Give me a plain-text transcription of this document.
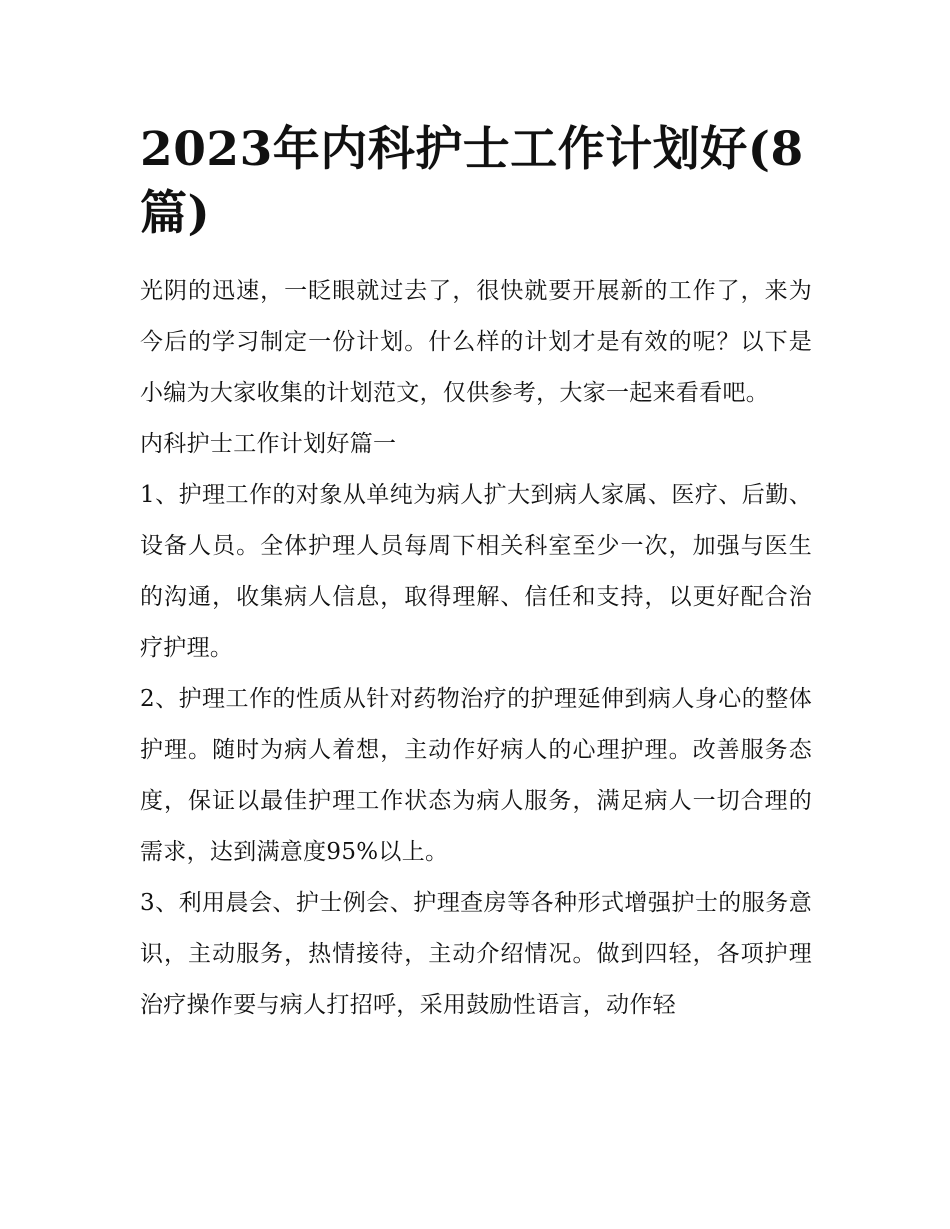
2023年内科护士工作计划好(8篇)

光阴的迅速，一眨眼就过去了，很快就要开展新的工作了，来为今后的学习制定一份计划。什么样的计划才是有效的呢？以下是小编为大家收集的计划范文，仅供参考，大家一起来看看吧。

内科护士工作计划好篇一

1、护理工作的对象从单纯为病人扩大到病人家属、医疗、后勤、设备人员。全体护理人员每周下相关科室至少一次，加强与医生的沟通，收集病人信息，取得理解、信任和支持，以更好配合治疗护理。

2、护理工作的性质从针对药物治疗的护理延伸到病人身心的整体护理。随时为病人着想，主动作好病人的心理护理。改善服务态度，保证以最佳护理工作状态为病人服务，满足病人一切合理的需求，达到满意度95%以上。

3、利用晨会、护士例会、护理查房等各种形式增强护士的服务意识，主动服务，热情接待，主动介绍情况。做到四轻，各项护理治疗操作要与病人打招呼，采用鼓励性语言，动作轻
